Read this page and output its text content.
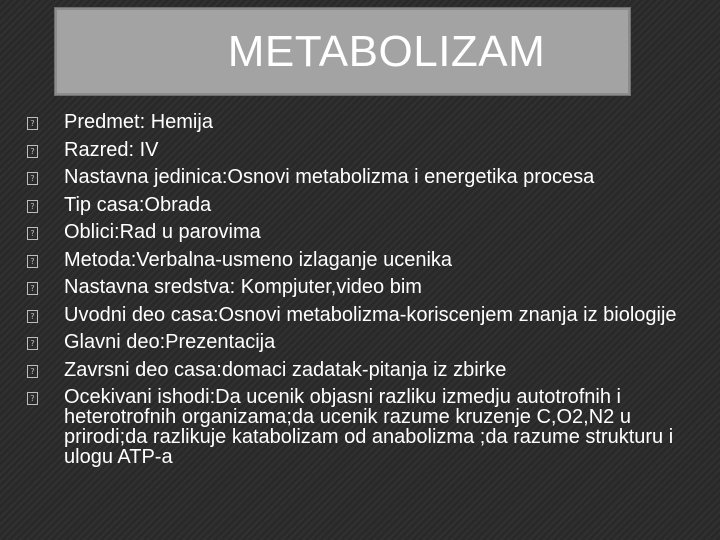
METABOLIZAM
? Predmet: Hemija
? Razred: IV
? Nastavna jedinica:Osnovi metabolizma i energetika procesa
? Tip casa:Obrada
? Oblici:Rad u parovima
? Metoda:Verbalna-usmeno izlaganje ucenika
? Nastavna sredstva: Kompjuter,video bim
? Uvodni deo casa:Osnovi metabolizma-koriscenjem znanja iz biologije
? Glavni deo:Prezentacija
? Zavrsni deo casa:domaci zadatak-pitanja iz zbirke
? Ocekivani ishodi:Da ucenik objasni razliku izmedju autotrofnih i heterotrofnih organizama;da ucenik razume kruzenje C,O2,N2 u prirodi;da razlikuje katabolizam od anabolizma ;da razume strukturu i ulogu ATP-a
